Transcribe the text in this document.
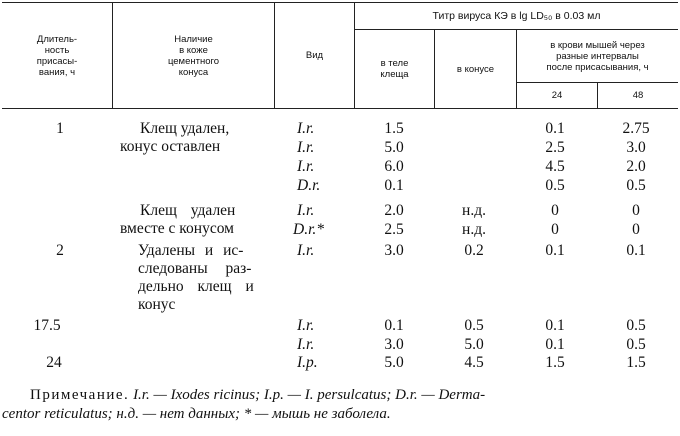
Длитель-
ность
присасы-
вания, ч
Наличие
в коже
цементного
конуса
Вид
Титр вируса КЭ в lg LD₅₀ в 0.03 мл
в теле
клеща	в конусе
в крови мышей через
разные интервалы
после присасывания, ч
24	48
1
2
17.5
24
Клещ удален,
конус оставлен
Клещ удален
вместе с конусом
Удалены и ис-
следованы раз-
дельно клещ и
конус
I.r.
I.r.
I.r.
D.r.
I.r.
D.r.*
I.r.
I.r.
I.r.
I.p.
1.5
5.0
6.0
0.1
2.0
2.5
3.0
0.1
3.0
5.0
н.д.
н.д.
0.2
0.5
5.0
4.5
0.1
2.5
4.5
0.5
0
0
0.1
0.1
0.1
1.5
2.75
3.0
2.0
0.5
0
0
0.1
0.5
0.5
1.5
Примечание. I.r. — Ixodes ricinus; I.p. — I. persulcatus; D.r. — Derma-
centor reticulatus; н.д. — нет данных; * — мышь не заболела.
